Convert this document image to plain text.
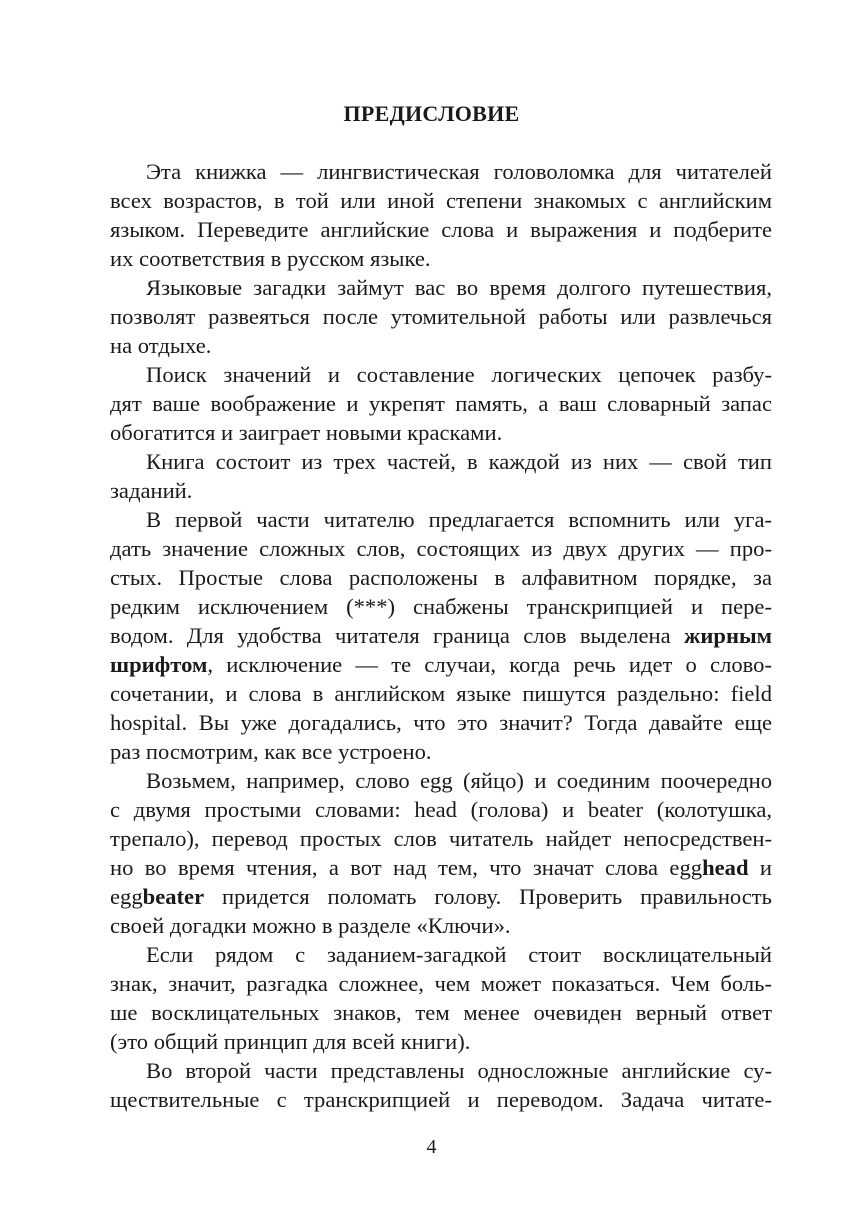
ПРЕДИСЛОВИЕ
Эта книжка — лингвистическая головоломка для читателей
всех возрастов, в той или иной степени знакомых с английским
языком. Переведите английские слова и выражения и подберите
их соответствия в русском языке.
Языковые загадки займут вас во время долгого путешествия,
позволят развеяться после утомительной работы или развлечься
на отдыхе.
Поиск значений и составление логических цепочек разбу-
дят ваше воображение и укрепят память, а ваш словарный запас
обогатится и заиграет новыми красками.
Книга состоит из трех частей, в каждой из них — свой тип
заданий.
В первой части читателю предлагается вспомнить или уга-
дать значение сложных слов, состоящих из двух других — про-
стых. Простые слова расположены в алфавитном порядке, за
редким исключением (***) снабжены транскрипцией и пере-
водом. Для удобства читателя граница слов выделена жирным
шрифтом, исключение — те случаи, когда речь идет о слово-
сочетании, и слова в английском языке пишутся раздельно: field
hospital. Вы уже догадались, что это значит? Тогда давайте еще
раз посмотрим, как все устроено.
Возьмем, например, слово egg (яйцо) и соединим поочередно
с двумя простыми словами: head (голова) и beater (колотушка,
трепало), перевод простых слов читатель найдет непосредствен-
но во время чтения, а вот над тем, что значат слова egghead и
eggbeater придется поломать голову. Проверить правильность
своей догадки можно в разделе «Ключи».
Если рядом с заданием-загадкой стоит восклицательный
знак, значит, разгадка сложнее, чем может показаться. Чем боль-
ше восклицательных знаков, тем менее очевиден верный ответ
(это общий принцип для всей книги).
Во второй части представлены односложные английские су-
ществительные с транскрипцией и переводом. Задача читате-
4
